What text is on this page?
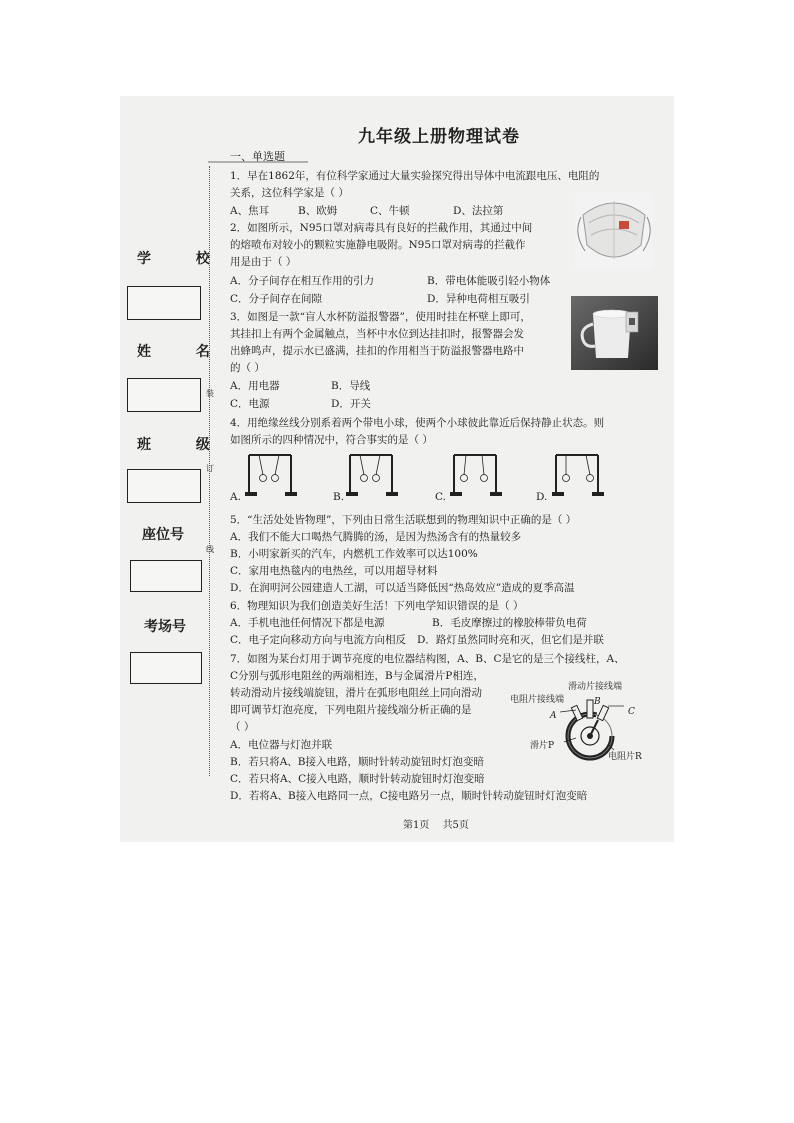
学 校
姓 名
班 级
座位号
考场号
装
订
线
九年级上册物理试卷
一、单选题
1．早在1862年，有位科学家通过大量实验探究得出导体中电流跟电压、电阻的
关系，这位科学家是（ ）
A、焦耳	B、欧姆	C、牛顿	D、法拉第
2．如图所示，N95口罩对病毒具有良好的拦截作用，其通过中间
的熔喷布对较小的颗粒实施静电吸附。N95口罩对病毒的拦截作
用是由于（ ）
A．分子间存在相互作用的引力	B．带电体能吸引轻小物体
C．分子间存在间隙	D．异种电荷相互吸引
3．如图是一款“盲人水杯防溢报警器”，使用时挂在杯壁上即可，
其挂扣上有两个金属触点，当杯中水位到达挂扣时，报警器会发
出蜂鸣声，提示水已盛满，挂扣的作用相当于防溢报警器电路中
的（ ）
A．用电器	B．导线
C．电源	D．开关
4．用绝缘丝线分别系着两个带电小球，使两个小球彼此靠近后保持静止状态。则
如图所示的四种情况中，符合事实的是（ ）
A.	B.	C.	D.
5．“生活处处皆物理”，下列由日常生活联想到的物理知识中正确的是（ ）
A．我们不能大口喝热气腾腾的汤，是因为热汤含有的热量较多
B．小明家新买的汽车，内燃机工作效率可以达100%
C．家用电热毯内的电热丝，可以用超导材料
D．在润明河公园建造人工湖，可以适当降低因“热岛效应”造成的夏季高温
6．物理知识为我们创造美好生活！下列电学知识错误的是（ ）
A．手机电池任何情况下都是电源	B．毛皮摩擦过的橡胶棒带负电荷
C．电子定向移动方向与电流方向相反 D．路灯虽然同时亮和灭，但它们是并联
7．如图为某台灯用于调节亮度的电位器结构图，A、B、C是它的是三个接线柱，A、
C分别与弧形电阻丝的两端相连，B与金属滑片P相连，
转动滑动片接线端旋钮，滑片在弧形电阻丝上同向滑动
即可调节灯泡亮度，下列电阻片接线端分析正确的是
（ ）
A．电位器与灯泡并联
B．若只将A、B接入电路，顺时针转动旋钮时灯泡变暗
C．若只将A、C接入电路，顺时针转动旋钮时灯泡变暗
D．若将A、B接入电路同一点，C接电路另一点，顺时针转动旋钮时灯泡变暗
滑动片接线端
电阻片接线端
滑片P
电阻片R
A
B
C
第1页 共5页
